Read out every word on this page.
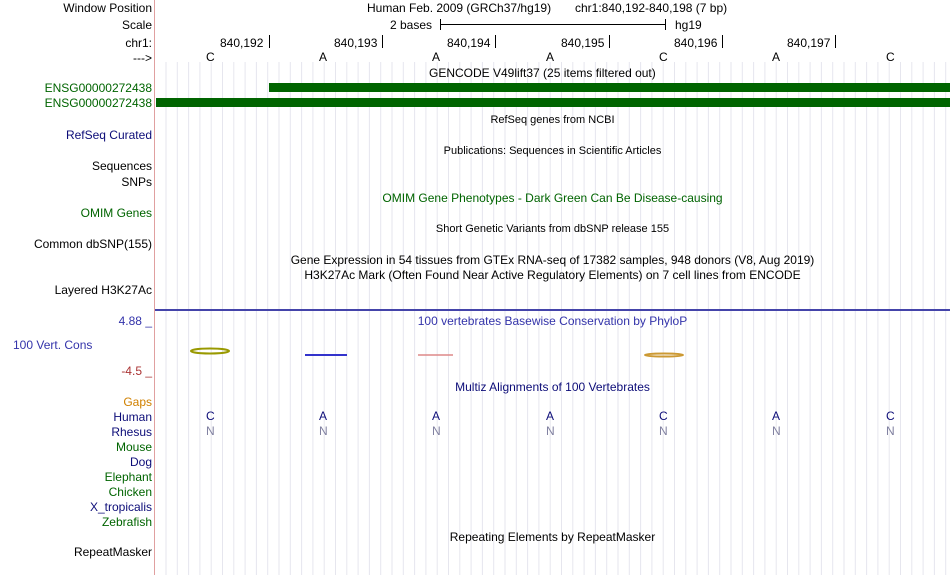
Window Position	Human Feb. 2009 (GRCh37/hg19) chr1:840,192-840,198 (7 bp)
Scale	2 bases	hg19
chr1:	840,192	840,193	840,194	840,195	840,196	840,197
--->	C	A	A	A	C	A	C
GENCODE V49lift37 (25 items filtered out)
ENSG00000272438
ENSG00000272438
RefSeq genes from NCBI
RefSeq Curated
Publications: Sequences in Scientific Articles
Sequences
SNPs
OMIM Gene Phenotypes - Dark Green Can Be Disease-causing
OMIM Genes
Short Genetic Variants from dbSNP release 155
Common dbSNP(155)
Gene Expression in 54 tissues from GTEx RNA-seq of 17382 samples, 948 donors (V8, Aug 2019)
H3K27Ac Mark (Often Found Near Active Regulatory Elements) on 7 cell lines from ENCODE
Layered H3K27Ac
4.88 _	100 vertebrates Basewise Conservation by PhyloP
100 Vert. Cons
-4.5 _
Multiz Alignments of 100 Vertebrates
Gaps
Human	C	A	A	A	C	A	C
Rhesus	N	N	N	N	N	N	N
Mouse
Dog
Elephant
Chicken
X_tropicalis
Zebrafish
Repeating Elements by RepeatMasker
RepeatMasker
